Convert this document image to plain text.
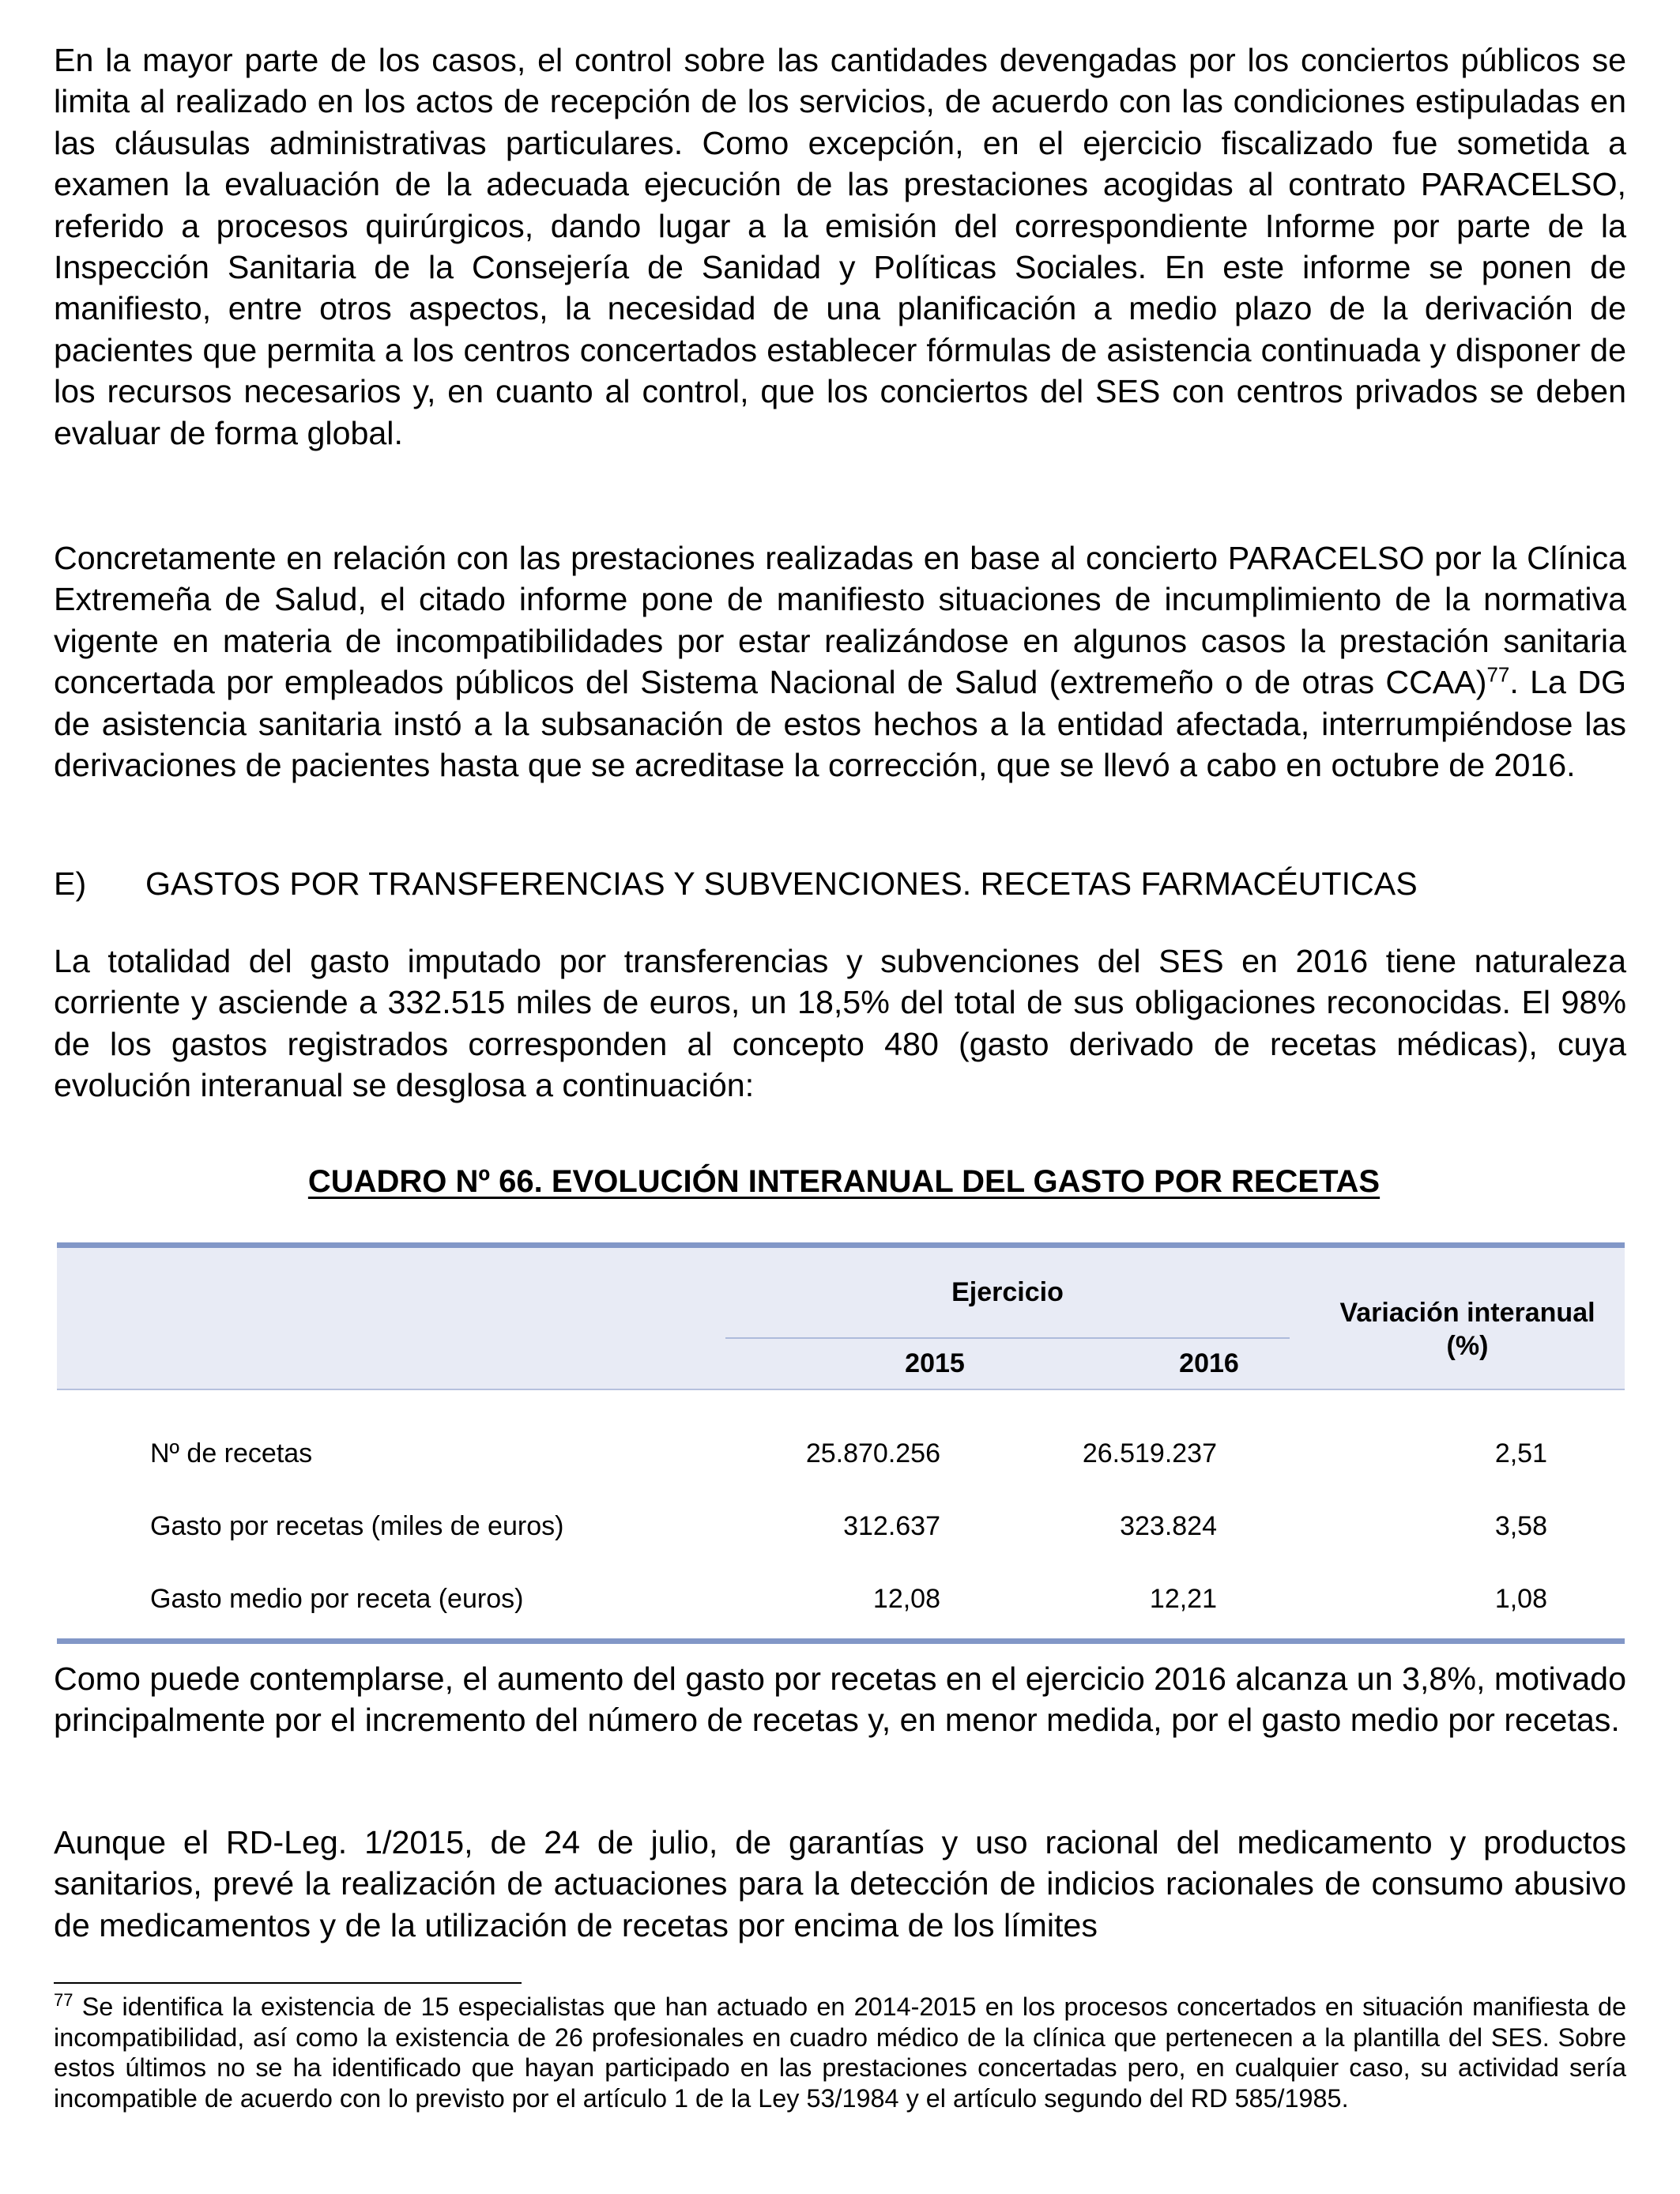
En la mayor parte de los casos, el control sobre las cantidades devengadas por los conciertos públicos se limita al realizado en los actos de recepción de los servicios, de acuerdo con las condiciones estipuladas en las cláusulas administrativas particulares. Como excepción, en el ejercicio fiscalizado fue sometida a examen la evaluación de la adecuada ejecución de las prestaciones acogidas al contrato PARACELSO, referido a procesos quirúrgicos, dando lugar a la emisión del correspondiente Informe por parte de la Inspección Sanitaria de la Consejería de Sanidad y Políticas Sociales. En este informe se ponen de manifiesto, entre otros aspectos, la necesidad de una planificación a medio plazo de la derivación de pacientes que permita a los centros concertados establecer fórmulas de asistencia continuada y disponer de los recursos necesarios y, en cuanto al control, que los conciertos del SES con centros privados se deben evaluar de forma global.

Concretamente en relación con las prestaciones realizadas en base al concierto PARACELSO por la Clínica Extremeña de Salud, el citado informe pone de manifiesto situaciones de incumplimiento de la normativa vigente en materia de incompatibilidades por estar realizándose en algunos casos la prestación sanitaria concertada por empleados públicos del Sistema Nacional de Salud (extremeño o de otras CCAA)$^{77}$. La DG de asistencia sanitaria instó a la subsanación de estos hechos a la entidad afectada, interrumpiéndose las derivaciones de pacientes hasta que se acreditase la corrección, que se llevó a cabo en octubre de 2016.

E) GASTOS POR TRANSFERENCIAS Y SUBVENCIONES. RECETAS FARMACÉUTICAS

La totalidad del gasto imputado por transferencias y subvenciones del SES en 2016 tiene naturaleza corriente y asciende a 332.515 miles de euros, un 18,5% del total de sus obligaciones reconocidas. El 98% de los gastos registrados corresponden al concepto 480 (gasto derivado de recetas médicas), cuya evolución interanual se desglosa a continuación:

CUADRO Nº 66. EVOLUCIÓN INTERANUAL DEL GASTO POR RECETAS
Ejercicio
2015	2016
Variación interanual
(%)
Nº de recetas	25.870.256	26.519.237	2,51
Gasto por recetas (miles de euros)	312.637	323.824	3,58
Gasto medio por receta (euros)	12,08	12,21	1,08

Como puede contemplarse, el aumento del gasto por recetas en el ejercicio 2016 alcanza un 3,8%, motivado principalmente por el incremento del número de recetas y, en menor medida, por el gasto medio por recetas.

Aunque el RD-Leg. 1/2015, de 24 de julio, de garantías y uso racional del medicamento y productos sanitarios, prevé la realización de actuaciones para la detección de indicios racionales de consumo abusivo de medicamentos y de la utilización de recetas por encima de los límites

$^{77}$ Se identifica la existencia de 15 especialistas que han actuado en 2014-2015 en los procesos concertados en situación manifiesta de incompatibilidad, así como la existencia de 26 profesionales en cuadro médico de la clínica que pertenecen a la plantilla del SES. Sobre estos últimos no se ha identificado que hayan participado en las prestaciones concertadas pero, en cualquier caso, su actividad sería incompatible de acuerdo con lo previsto por el artículo 1 de la Ley 53/1984 y el artículo segundo del RD 585/1985.
